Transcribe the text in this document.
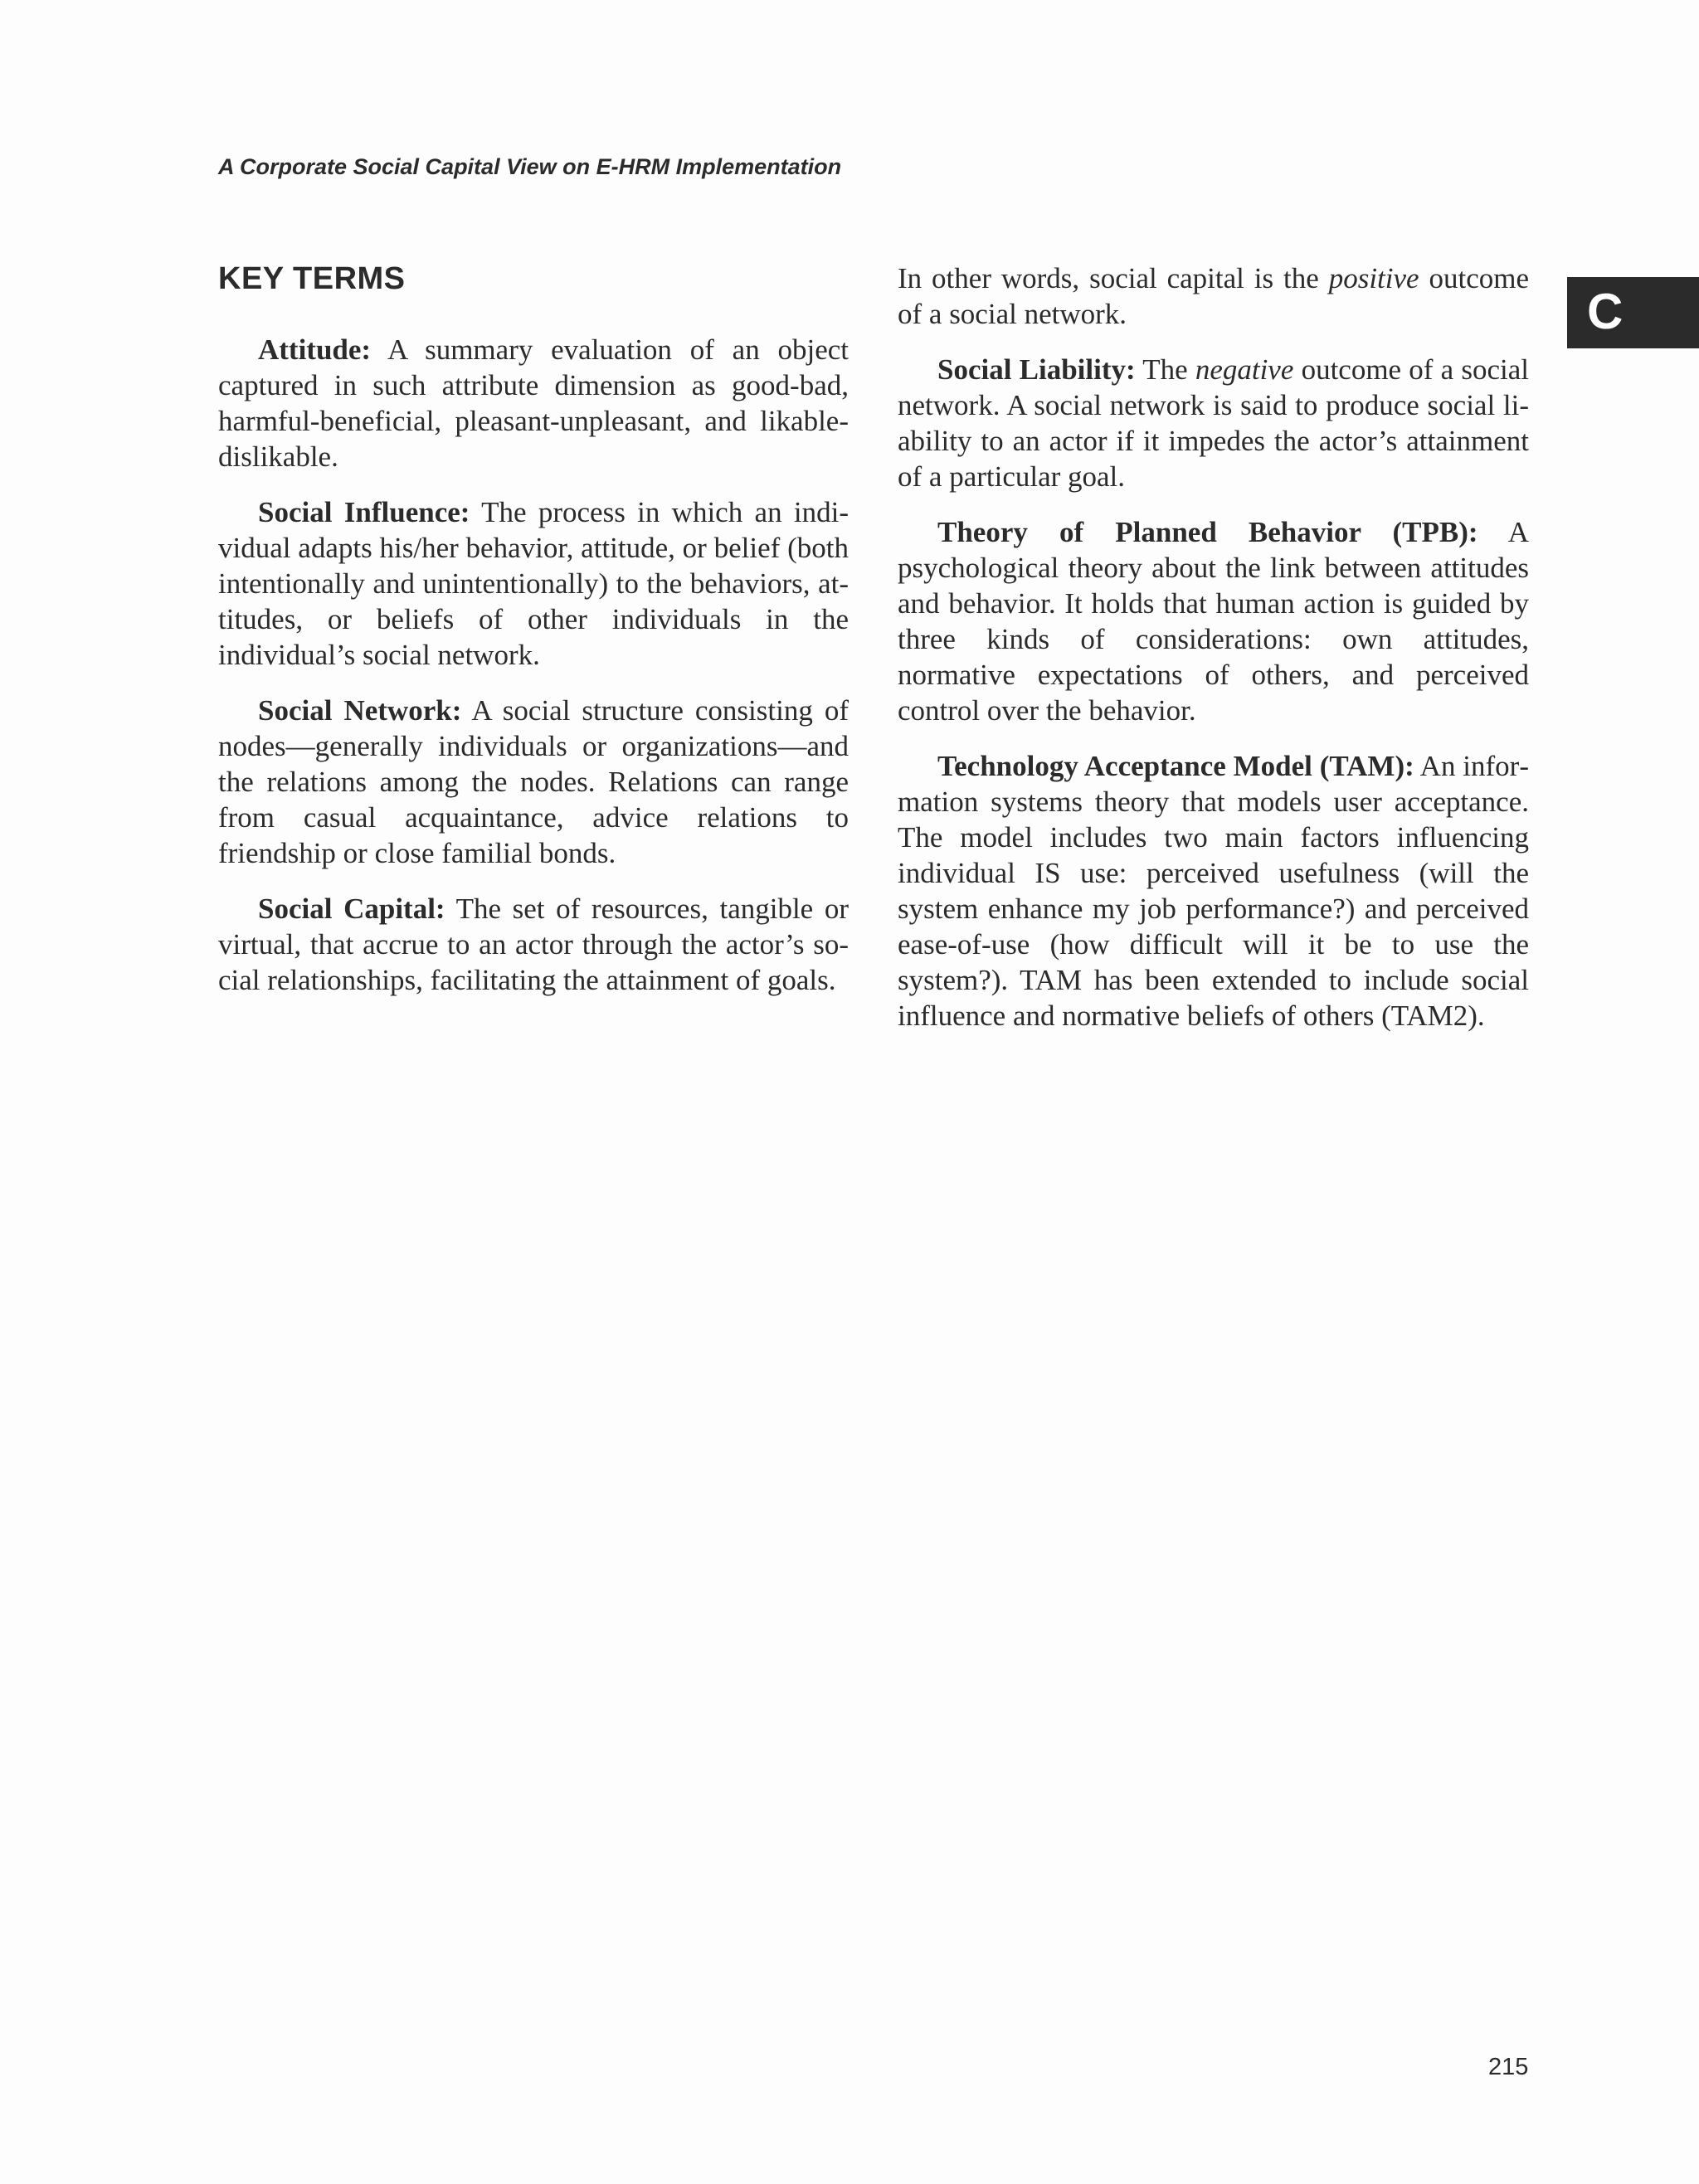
A Corporate Social Capital View on E-HRM Implementation
C
KEY TERMS

Attitude: A summary evaluation of an object captured in such attribute dimension as good-bad, harmful-beneficial, pleasant-unpleasant, and likable-dislikable.

Social Influence: The process in which an individual adapts his/her behavior, attitude, or belief (both intentionally and unintentionally) to the behaviors, attitudes, or beliefs of other individuals in the individual’s social network.

Social Network: A social structure consisting of nodes—generally individuals or organizations—and the relations among the nodes. Relations can range from casual acquaintance, advice relations to friendship or close familial bonds.

Social Capital: The set of resources, tangible or virtual, that accrue to an actor through the actor’s social relationships, facilitating the attainment of goals.

In other words, social capital is the positive outcome of a social network.

Social Liability: The negative outcome of a social network. A social network is said to produce social liability to an actor if it impedes the actor’s attainment of a particular goal.

Theory of Planned Behavior (TPB): A psychological theory about the link between attitudes and behavior. It holds that human action is guided by three kinds of considerations: own attitudes, normative expectations of others, and perceived control over the behavior.

Technology Acceptance Model (TAM): An information systems theory that models user acceptance. The model includes two main factors influencing individual IS use: perceived usefulness (will the system enhance my job performance?) and perceived ease-of-use (how difficult will it be to use the system?). TAM has been extended to include social influence and normative beliefs of others (TAM2).

215
